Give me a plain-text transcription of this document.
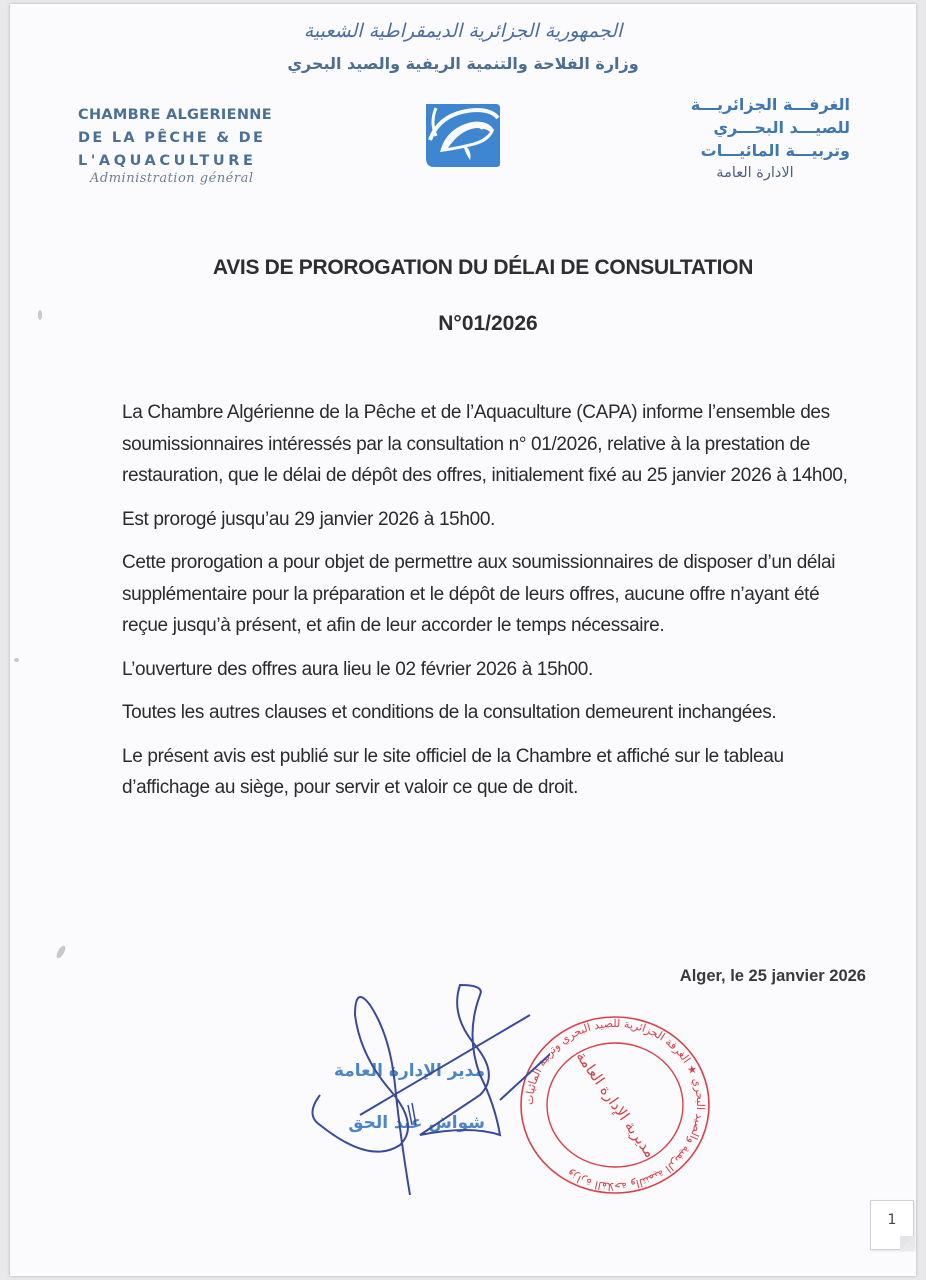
الجمهورية الجزائرية الديمقراطية الشعبية
وزارة الفلاحة والتنمية الريفية والصيد البحري
CHAMBRE ALGERIENNE
DE LA PÊCHE & DE
L'AQUACULTURE
Administration général
الغرفـــة الجزائريـــة
للصيـــد البحـــري
وتربيـــة المائيـــات
الادارة العامة
AVIS DE PROROGATION DU DÉLAI DE CONSULTATION
N°01/2026

La Chambre Algérienne de la Pêche et de l’Aquaculture (CAPA) informe l’ensemble des soumissionnaires intéressés par la consultation n° 01/2026, relative à la prestation de restauration, que le délai de dépôt des offres, initialement fixé au 25 janvier 2026 à 14h00,

Est prorogé jusqu’au 29 janvier 2026 à 15h00.

Cette prorogation a pour objet de permettre aux soumissionnaires de disposer d’un délai supplémentaire pour la préparation et le dépôt de leurs offres, aucune offre n’ayant été reçue jusqu’à présent, et afin de leur accorder le temps nécessaire.

L’ouverture des offres aura lieu le 02 février 2026 à 15h00.

Toutes les autres clauses et conditions de la consultation demeurent inchangées.

Le présent avis est publié sur le site officiel de la Chambre et affiché sur le tableau d’affichage au siège, pour servir et valoir ce que de droit.

Alger, le 25 janvier 2026
مدير الإدارة العامة
شواش عبد الحق
وزارة الفلاحة والتنمية الريفية والصيد البحري ★ الغرفة الجزائرية للصيد البحري وتربية المائيات
مديرية الإدارة العامة
1
